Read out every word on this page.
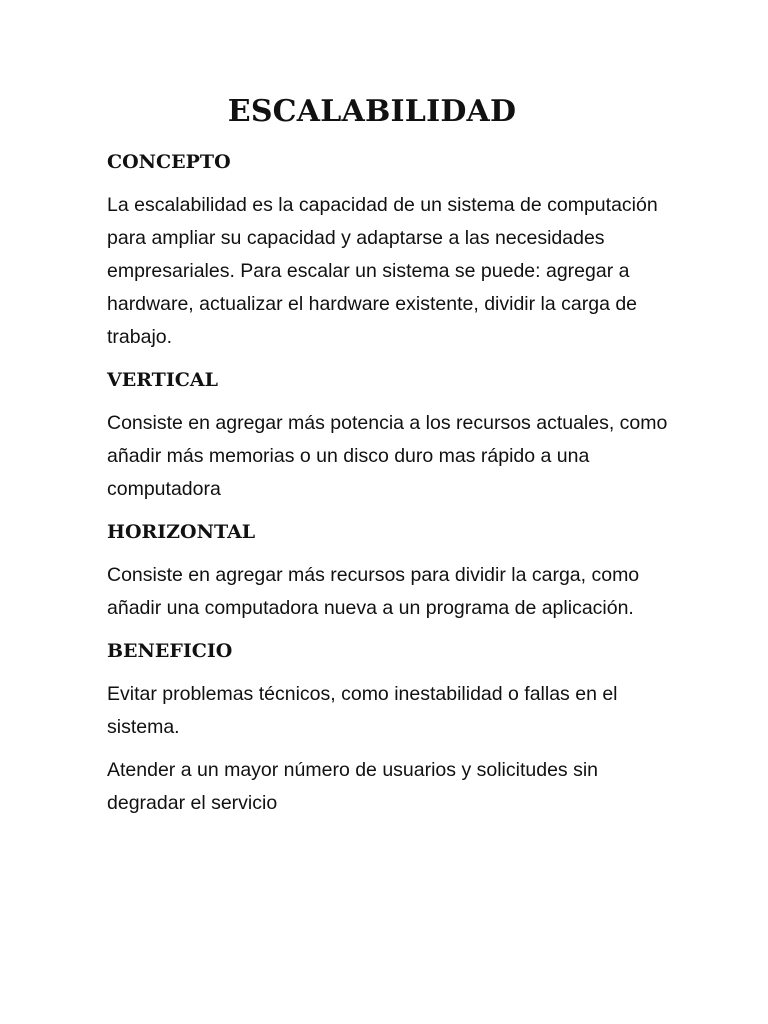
ESCALABILIDAD
CONCEPTO

La escalabilidad es la capacidad de un sistema de computación para ampliar su capacidad y adaptarse a las necesidades empresariales. Para escalar un sistema se puede: agregar a hardware, actualizar el hardware existente, dividir la carga de trabajo.

VERTICAL

Consiste en agregar más potencia a los recursos actuales, como añadir más memorias o un disco duro mas rápido a una computadora

HORIZONTAL

Consiste en agregar más recursos para dividir la carga, como añadir una computadora nueva a un programa de aplicación.

BENEFICIO

Evitar problemas técnicos, como inestabilidad o fallas en el sistema.

Atender a un mayor número de usuarios y solicitudes sin degradar el servicio
